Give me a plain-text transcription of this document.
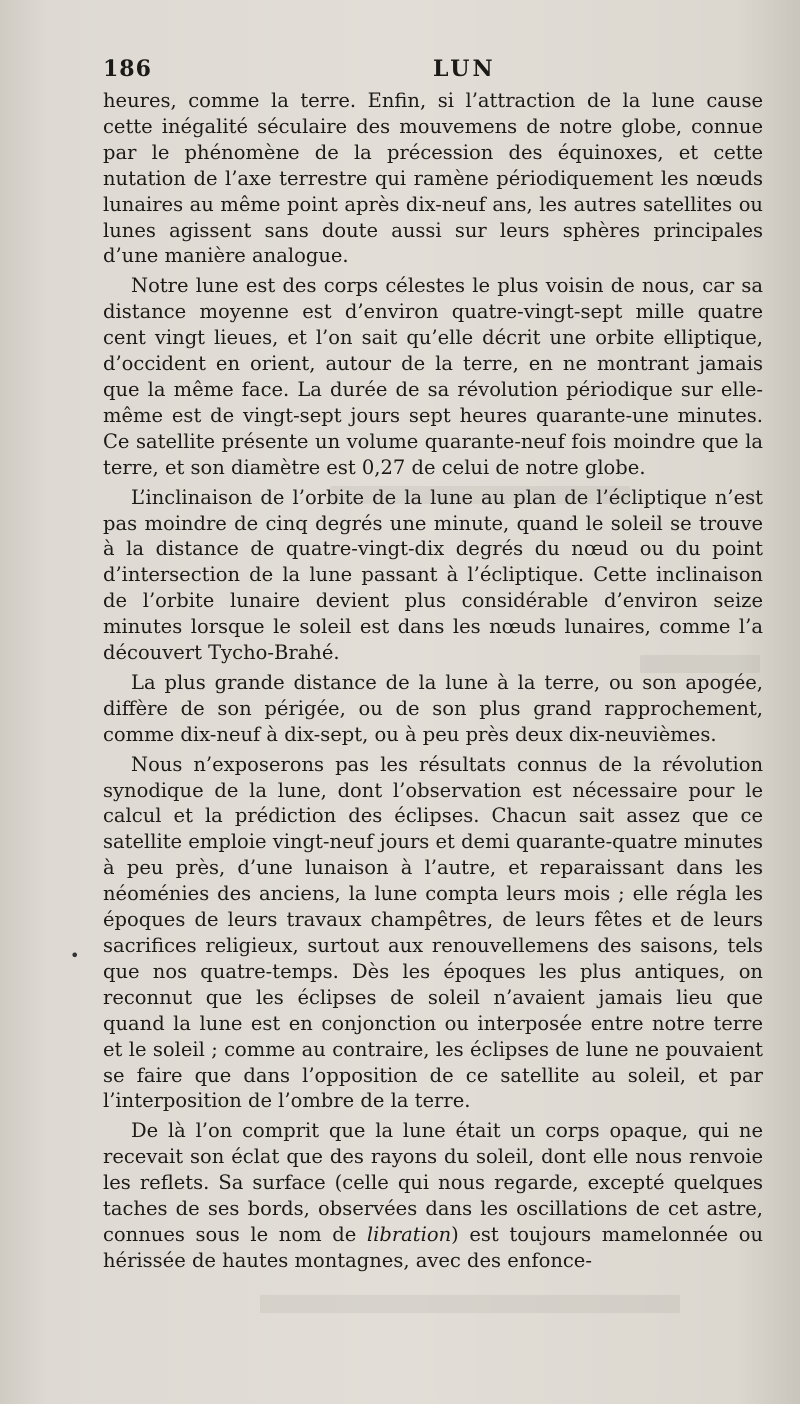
186	LUN
•

heures, comme la terre. Enfin, si l’attraction de la lune cause cette inégalité séculaire des mouvemens de notre globe, connue par le phénomène de la précession des équinoxes, et cette nutation de l’axe terrestre qui ramène périodiquement les nœuds lunaires au même point après dix-neuf ans, les autres satellites ou lunes agissent sans doute aussi sur leurs sphères principales d’une manière analogue.

Notre lune est des corps célestes le plus voisin de nous, car sa distance moyenne est d’environ quatre-vingt-sept mille quatre cent vingt lieues, et l’on sait qu’elle décrit une orbite elliptique, d’occident en orient, autour de la terre, en ne montrant jamais que la même face. La durée de sa révolution périodique sur elle-même est de vingt-sept jours sept heures quarante-une minutes. Ce satellite présente un volume quarante-neuf fois moindre que la terre, et son diamètre est 0,27 de celui de notre globe.

L’inclinaison de l’orbite de la lune au plan de l’écliptique n’est pas moindre de cinq degrés une minute, quand le soleil se trouve à la distance de quatre-vingt-dix degrés du nœud ou du point d’intersection de la lune passant à l’écliptique. Cette inclinaison de l’orbite lunaire devient plus considérable d’environ seize minutes lorsque le soleil est dans les nœuds lunaires, comme l’a découvert Tycho-Brahé.

La plus grande distance de la lune à la terre, ou son apogée, diffère de son périgée, ou de son plus grand rapprochement, comme dix-neuf à dix-sept, ou à peu près deux dix-neuvièmes.

Nous n’exposerons pas les résultats connus de la révolution synodique de la lune, dont l’observation est nécessaire pour le calcul et la prédiction des éclipses. Chacun sait assez que ce satellite emploie vingt-neuf jours et demi quarante-quatre minutes à peu près, d’une lunaison à l’autre, et reparaissant dans les néoménies des anciens, la lune compta leurs mois ; elle régla les époques de leurs travaux champêtres, de leurs fêtes et de leurs sacrifices religieux, surtout aux renouvellemens des saisons, tels que nos quatre-temps. Dès les époques les plus antiques, on reconnut que les éclipses de soleil n’avaient jamais lieu que quand la lune est en conjonction ou interposée entre notre terre et le soleil ; comme au contraire, les éclipses de lune ne pouvaient se faire que dans l’opposition de ce satellite au soleil, et par l’interposition de l’ombre de la terre.

De là l’on comprit que la lune était un corps opaque, qui ne recevait son éclat que des rayons du soleil, dont elle nous renvoie les reflets. Sa surface (celle qui nous regarde, excepté quelques taches de ses bords, observées dans les oscillations de cet astre, connues sous le nom de libration) est toujours mamelonnée ou hérissée de hautes montagnes, avec des enfonce-
